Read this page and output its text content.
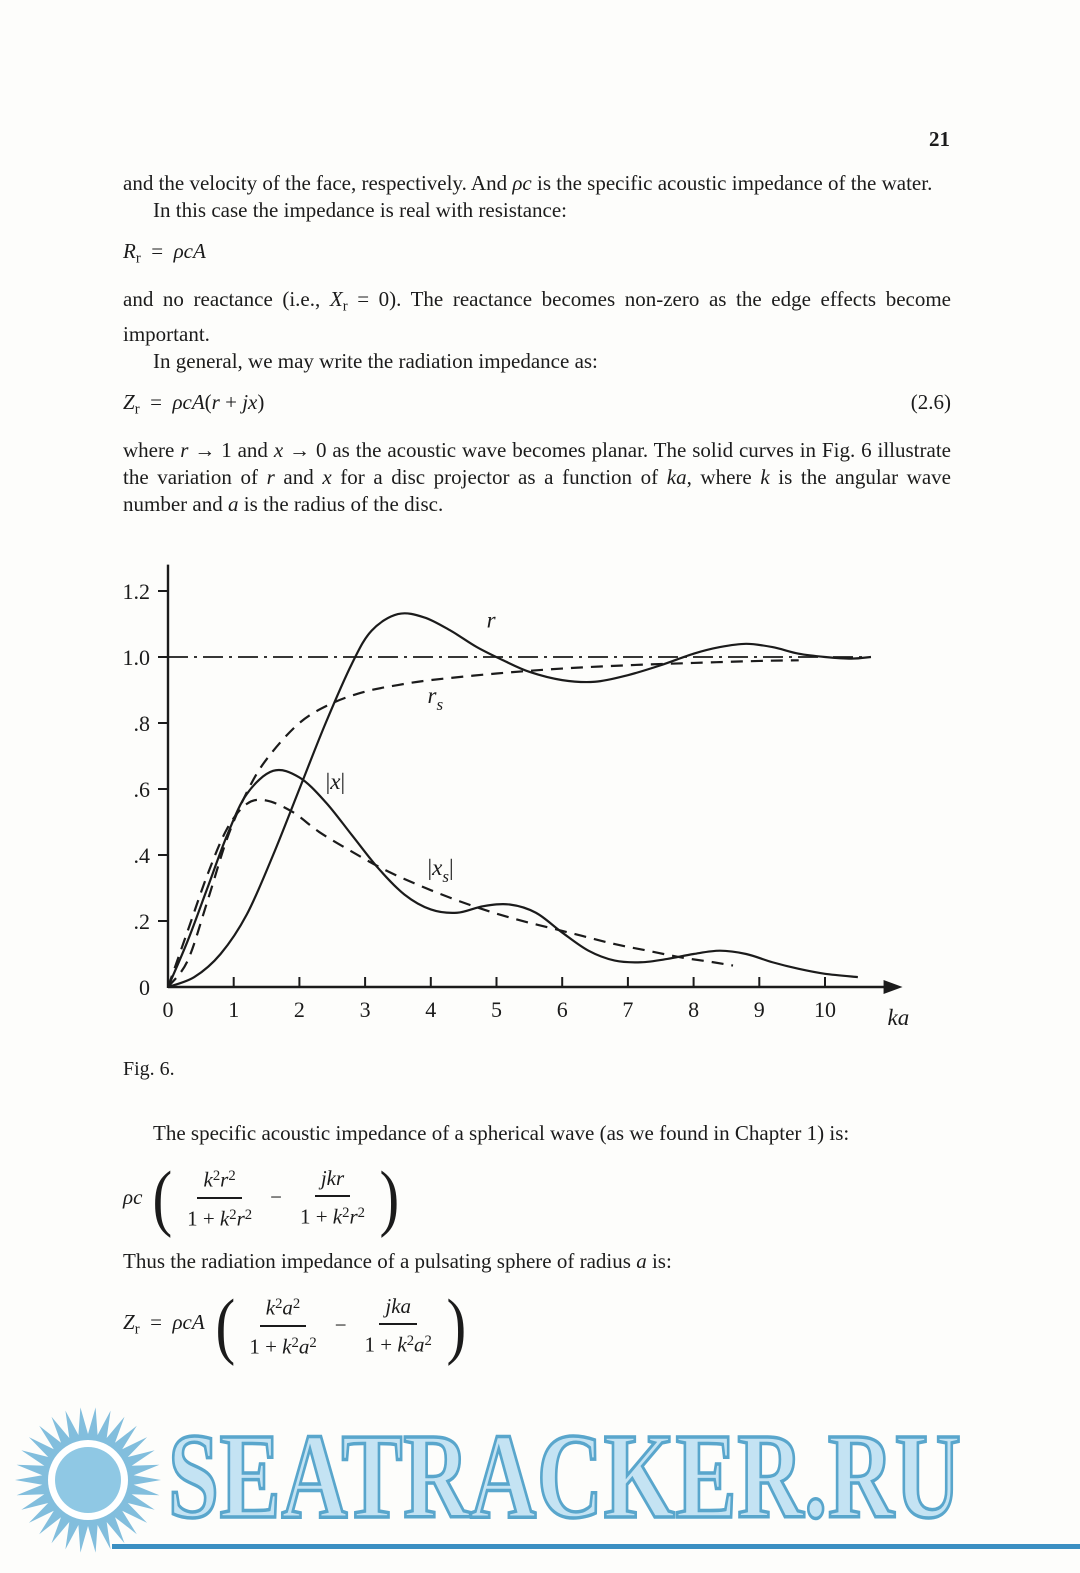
21

and the velocity of the face, respectively. And ρc is the specific acoustic impedance of the water.

In this case the impedance is real with resistance:

$R_r = \rho cA$

and no reactance (i.e., $X_r = 0$). The reactance becomes non-zero as the edge effects become important.

In general, we may write the radiation impedance as:

$Z_r = \rho cA(r + jx)$	(2.6)

where r → 1 and x → 0 as the acoustic wave becomes planar. The solid curves in Fig. 6 illustrate the variation of r and x for a disc projector as a function of ka, where k is the angular wave number and a is the radius of the disc.

0 1 2 3 4 5 6 7 8 9 10
0
.2
.4
.6
.8
1.0
1.2
ka
r
$r_s$
|x|
$|x_s|$
Fig. 6.

The specific acoustic impedance of a spherical wave (as we found in Chapter 1) is:

ρc ( $\frac{k^2r^2}{1 + k^2r^2} - \frac{\text{jkr}}{1 + k^2r^2}$ )

Thus the radiation impedance of a pulsating sphere of radius a is:

$Z_r = \rho cA$ ( $\frac{k^2a^2}{1 + k^2a^2} - \frac{\text{jka}}{1 + k^2a^2}$ )
SEATRACKER.RU
